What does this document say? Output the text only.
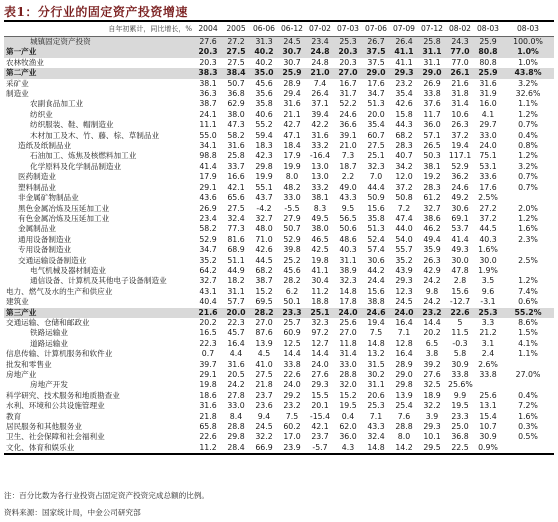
表1：分行业的固定资产投资增速
自年初累计，同比增长，%	2004	2005	06-06	06-12	07-02	07-03	07-06	07-09	07-12	08-02	08-03	08-03
城镇固定资产投资	27.6	27.2	31.3	24.5	23.4	25.3	26.7	26.4	25.8	24.3	25.9	100.0%
第一产业	20.3	27.5	40.2	30.7	24.8	20.3	37.5	41.1	31.1	77.0	80.8	1.0%
农林牧渔业	20.3	27.5	40.2	30.7	24.8	20.3	37.5	41.1	31.1	77.0	80.8	1.0%
第二产业	38.3	38.4	35.0	25.9	21.0	27.0	29.0	29.3	29.0	26.1	25.9	43.8%
采矿业	38.1	50.7	45.6	28.9	7.4	16.7	17.6	23.2	26.9	21.6	31.6	3.2%
制造业	36.3	36.8	35.6	29.4	26.4	31.7	34.7	35.4	33.8	31.8	31.9	32.6%
农副食品加工业	38.7	62.9	35.8	31.6	37.1	52.2	51.3	42.6	37.6	31.4	16.0	1.1%
纺织业	24.1	38.0	40.6	21.1	39.4	24.6	20.0	15.8	11.7	10.6	4.1	1.2%
纺织服装、鞋、帽制造业	11.1	47.3	55.2	42.7	42.2	36.6	35.4	44.3	36.0	26.3	29.7	0.7%
木材加工及木、竹、藤、棕、草制品业	55.0	58.2	59.4	47.1	31.6	39.1	60.7	68.2	57.1	37.2	33.0	0.4%
造纸及纸制品业	34.1	31.6	18.3	18.4	33.2	21.0	27.5	28.3	26.5	19.4	24.0	0.8%
石油加工、炼焦及核燃料加工业	98.8	25.8	42.3	17.9	-16.4	7.3	25.1	40.7	50.3	117.1	75.1	1.2%
化学原料及化学制品制造业	41.4	33.7	29.8	19.9	13.0	18.7	32.3	34.2	38.1	52.9	53.1	3.2%
医药制造业	17.9	16.6	19.9	8.0	13.0	2.2	7.0	12.0	19.2	36.2	33.6	0.7%
塑料制品业	29.1	42.1	55.1	48.2	33.2	49.0	44.4	37.2	28.3	24.6	17.6	0.7%
非金属矿物制品业	43.6	65.6	43.7	33.0	38.1	43.3	50.9	50.8	61.2	49.2	2.5%	
黑色金属冶炼及压延加工业	26.9	27.5	-4.2	-5.5	8.3	9.5	15.6	7.2	32.7	30.6	27.2	2.0%
有色金属冶炼及压延加工业	23.4	32.4	32.7	27.9	49.5	56.5	35.8	47.4	38.6	69.1	37.2	1.2%
金属制品业	58.2	77.3	48.0	50.7	38.0	50.6	51.3	44.0	46.2	53.7	44.5	1.6%
通用设备制造业	52.9	81.6	71.0	52.9	46.5	48.6	52.4	54.0	49.4	41.4	40.3	2.3%
专用设备制造业	34.7	68.9	42.6	39.8	42.5	40.3	57.4	55.7	35.9	49.3	1.6%	
交通运输设备制造业	35.2	51.1	44.5	25.2	19.8	31.1	30.6	35.2	26.3	30.0	30.0	2.5%
电气机械及器材制造业	64.2	44.9	68.2	45.6	41.1	38.9	44.2	43.9	42.9	47.8	1.9%	
通信设备、计算机及其他电子设备制造业	32.7	18.2	38.7	28.2	30.4	32.3	24.4	29.3	24.2	2.8	3.5	1.2%
电力、燃气及水的生产和供应业	43.1	31.1	15.2	6.2	11.2	14.8	15.6	12.3	9.8	15.6	9.6	7.4%
建筑业	40.4	57.7	69.5	50.1	18.8	17.8	38.8	24.5	24.2	-12.7	-3.1	0.6%
第三产业	21.6	20.0	28.2	23.3	25.1	24.0	24.6	24.0	23.2	22.6	25.3	55.2%
交通运输、仓储和邮政业	20.2	22.3	27.0	25.7	32.3	25.6	19.4	16.4	14.4	5	3.3	8.6%
铁路运输业	16.5	45.7	87.6	60.9	97.2	27.0	7.5	7.1	20.2	11.5	21.2	1.5%
道路运输业	22.3	16.4	13.9	12.5	12.7	11.8	14.8	12.8	6.5	-0.3	3.1	4.1%
信息传输、计算机服务和软件业	0.7	4.4	4.5	14.4	14.4	31.4	13.2	16.4	3.8	5.8	2.4	1.1%
批发和零售业	39.7	31.6	41.0	33.8	24.0	33.0	31.5	28.9	39.2	30.9	2.6%	
房地产业	29.1	20.5	27.5	22.6	27.6	28.8	30.2	29.0	27.6	33.8	33.8	27.0%
房地产开发	19.8	24.2	21.8	24.0	29.3	32.0	31.1	29.8	32.5	25.6%		
科学研究、技术服务和地质勘查业	18.6	27.8	23.7	29.2	15.5	15.2	20.6	13.9	18.9	9.9	25.6	0.4%
水利、环境和公共设施管理业	31.6	33.0	23.6	23.2	20.1	19.5	25.3	25.4	32.2	19.5	13.1	7.2%
教育	21.8	8.4	9.4	7.5	-15.4	0.4	7.1	7.6	3.9	23.3	15.4	1.6%
居民服务和其他服务业	65.8	28.8	24.5	60.2	42.1	62.0	43.3	28.8	29.3	25.0	10.7	0.3%
卫生、社会保障和社会福利业	22.6	29.8	32.2	17.0	23.7	36.0	32.4	8.0	10.1	36.8	30.9	0.5%
文化、体育和娱乐业	11.2	28.4	66.9	23.9	-5.7	4.3	14.8	14.2	29.5	22.5	0.9%	
注：百分比数为各行业投资占固定资产投资完成总额的比例。
资料来源：国家统计局，中金公司研究部
